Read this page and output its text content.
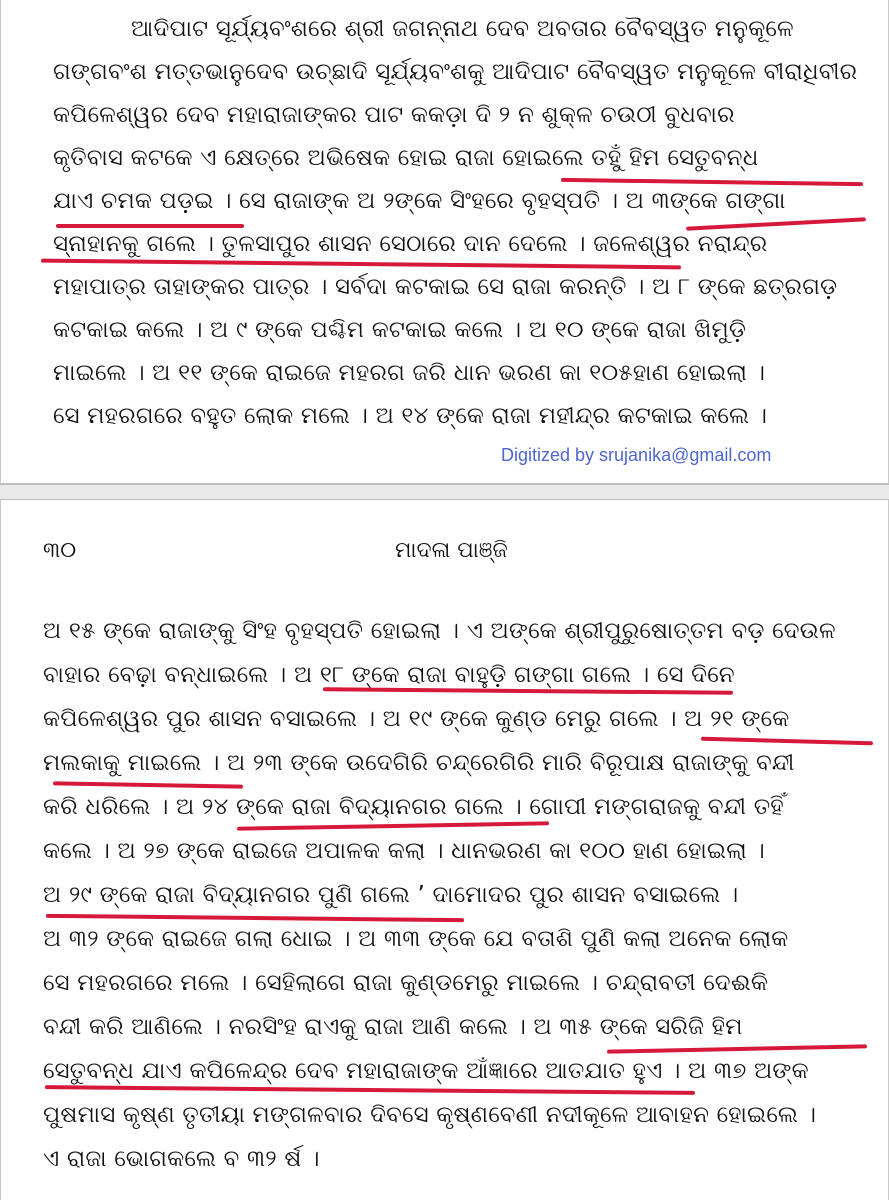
ଆଦିପାଟ ସୂର୍ଯ୍ୟବଂଶରେ ଶ୍ରୀ ଜଗନ୍ନାଥ ଦେବ ଅବତାର ବୈବସ୍ୱତ ମନୁକୂଳେ
ଗଙ୍ଗବଂଶ ମତ୍ତଭାନୁଦେବ ଉଚ୍ଛାଦି ସୂର୍ଯ୍ୟବଂଶକୁ ଆଦିପାଟ ବୈବସ୍ୱତ ମନୁକୂଳେ ବୀରାଧିବୀର
କପିଳେଶ୍ୱର ଦେବ ମହାରାଜାଙ୍କର ପାଟ କକଡ଼ା ଦି ୨ ନ ଶୁକ୍ଳ ଚଉଠୀ ବୁଧବାର
କୃତିବାସ କଟକେ ଏ କ୍ଷେତ୍ରେ ଅଭିଷେକ ହୋଇ ରାଜା ହୋଇଲେ ତହୁଁ ହିମ ସେତୁବନ୍ଧ
ଯାଏ ଚମକ ପଡ଼ଇ । ସେ ରାଜାଙ୍କ ଅ ୨ଙ୍କେ ସିଂହରେ ବୃହସ୍ପତି । ଅ ୩ଙ୍କେ ଗଙ୍ଗା
ସ୍ନାହାନକୁ ଗଲେ । ତୁଳସାପୁର ଶାସନ ସେଠାରେ ଦାନ ଦେଲେ । ଜଳେଶ୍ୱର ନରାନ୍ଦ୍ର
ମହାପାତ୍ର ତାହାଙ୍କର ପାତ୍ର । ସର୍ବଦା କଟକାଇ ସେ ରାଜା କରନ୍ତି । ଅ ୮ ଙ୍କେ ଛତ୍ରଗଡ଼
କଟକାଇ କଲେ । ଅ ୯ ଙ୍କେ ପଶ୍ଚିମ କଟକାଇ କଲେ । ଅ ୧୦ ଙ୍କେ ରାଜା ଖିମୁଡ଼ି
ମାଇଲେ । ଅ ୧୧ ଙ୍କେ ରାଇଜେ ମହରଗ ଜରି ଧାନ ଭରଣ କା ୧୦୫ହାଣ ହୋଇଲା ।
ସେ ମହରଗରେ ବହୁତ ଲୋକ ମଲେ । ଅ ୧୪ ଙ୍କେ ରାଜା ମହୀନ୍ଦ୍ର କଟକାଇ କଲେ ।
Digitized by srujanika@gmail.com
୩୦	ମାଦଳା ପାଞ୍ଜି
ଅ ୧୫ ଙ୍କେ ରାଜାଙ୍କୁ ସିଂହ ବୃହସ୍ପତି ହୋଇଲା । ଏ ଅଙ୍କେ ଶ୍ରୀପୁରୁଷୋତ୍ତମ ବଡ଼ ଦେଉଳ
ବାହାର ବେଢ଼ା ବନ୍ଧାଇଲେ । ଅ ୧୮ ଙ୍କେ ରାଜା ବାହୁଡ଼ି ଗଙ୍ଗା ଗଲେ । ସେ ଦିନେ
କପିଳେଶ୍ୱର ପୁର ଶାସନ ବସାଇଲେ । ଅ ୧୯ ଙ୍କେ କୁଣ୍ଡ ମେରୁ ଗଲେ । ଅ ୨୧ ଙ୍କେ
ମଲକାକୁ ମାଇଲେ । ଅ ୨୩ ଙ୍କେ ଉଦେଗିରି ଚନ୍ଦ୍ରେଗିରି ମାରି ବିରୂପାକ୍ଷ ରାଜାଙ୍କୁ ବନ୍ଦୀ
କରି ଧରିଲେ । ଅ ୨୪ ଙ୍କେ ରାଜା ବିଦ୍ୟାନଗର ଗଲେ । ଗୋପୀ ମଙ୍ଗରାଜକୁ ବନ୍ଦୀ ତହିଁ
କଲେ । ଅ ୨୭ ଙ୍କେ ରାଇଜେ ଅପାଳକ କଲା । ଧାନଭରଣ କା ୧୦୦ ହାଣ ହୋଇଲା ।
ଅ ୨୯ ଙ୍କେ ରାଜା ବିଦ୍ୟାନଗର ପୁଣି ଗଲେ ’ ଦାମୋଦର ପୁର ଶାସନ ବସାଇଲେ ।
ଅ ୩୨ ଙ୍କେ ରାଇଜେ ଗଲା ଧୋଇ । ଅ ୩୩ ଙ୍କେ ଯେ ବତାଶି ପୁଣି କଲା ଅନେକ ଲୋକ
ସେ ମହରଗରେ ମଲେ । ସେହିଲାଗେ ରାଜା କୁଣ୍ଡମେରୁ ମାଇଲେ । ଚନ୍ଦ୍ରାବତୀ ଦେଈକି
ବନ୍ଦୀ କରି ଆଣିଲେ । ନରସିଂହ ରାଏକୁ ରାଜା ଆଣି କଲେ । ଅ ୩୫ ଙ୍କେ ସରିଜି ହିମ
ସେତୁବନ୍ଧ ଯାଏ କପିଳେନ୍ଦ୍ର ଦେବ ମହାରାଜାଙ୍କ ଆଁଜ୍ଞାରେ ଆତଯାତ ହୁଏ । ଅ ୩୭ ଅଙ୍କ
ପୁଷମାସ କୃଷ୍ଣ ତୃତୀୟା ମଙ୍ଗଳବାର ଦିବସେ କୃଷ୍ଣବେଣୀ ନଦୀକୂଳେ ଆବାହନ ହୋଇଲେ ।
ଏ ରାଜା ଭୋଗକଲେ ବ ୩୨ ର୍ଷ ।
